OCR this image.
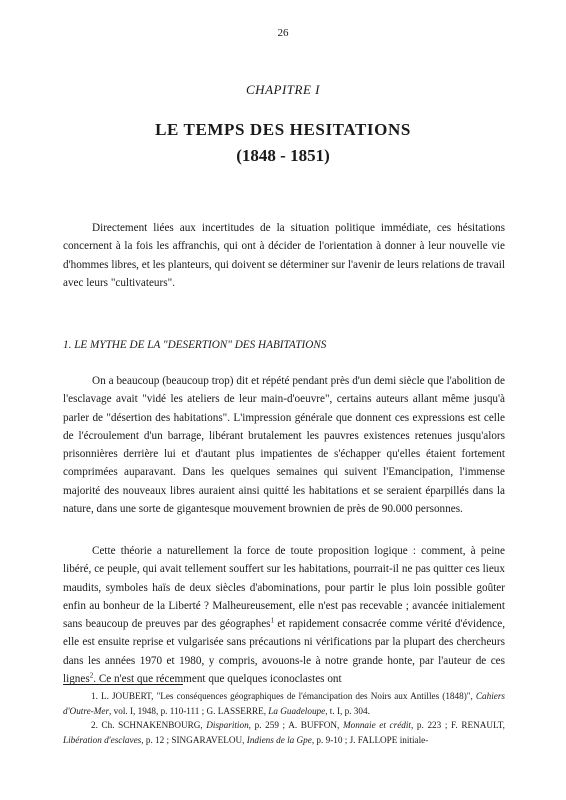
26
CHAPITRE I
LE TEMPS DES HESITATIONS
(1848 - 1851)

Directement liées aux incertitudes de la situation politique immédiate, ces hésitations concernent à la fois les affranchis, qui ont à décider de l'orientation à donner à leur nouvelle vie d'hommes libres, et les planteurs, qui doivent se déterminer sur l'avenir de leurs relations de travail avec leurs "cultivateurs".

1. LE MYTHE DE LA "DESERTION" DES HABITATIONS

On a beaucoup (beaucoup trop) dit et répété pendant près d'un demi siècle que l'abolition de l'esclavage avait "vidé les ateliers de leur main-d'oeuvre", certains auteurs allant même jusqu'à parler de "désertion des habitations". L'impression générale que donnent ces expressions est celle de l'écroulement d'un barrage, libérant brutalement les pauvres existences retenues jusqu'alors prisonnières derrière lui et d'autant plus impatientes de s'échapper qu'elles étaient fortement comprimées auparavant. Dans les quelques semaines qui suivent l'Emancipation, l'immense majorité des nouveaux libres auraient ainsi quitté les habitations et se seraient éparpillés dans la nature, dans une sorte de gigantesque mouvement brownien de près de 90.000 personnes.

Cette théorie a naturellement la force de toute proposition logique : comment, à peine libéré, ce peuple, qui avait tellement souffert sur les habitations, pourrait-il ne pas quitter ces lieux maudits, symboles haïs de deux siècles d'abominations, pour partir le plus loin possible goûter enfin au bonheur de la Liberté ? Malheureusement, elle n'est pas recevable ; avancée initialement sans beaucoup de preuves par des géographes$^1$ et rapidement consacrée comme vérité d'évidence, elle est ensuite reprise et vulgarisée sans précautions ni vérifications par la plupart des chercheurs dans les années 1970 et 1980, y compris, avouons-le à notre grande honte, par l'auteur de ces lignes$^2$. Ce n'est que récemment que quelques iconoclastes ont

1. L. JOUBERT, "Les conséquences géographiques de l'émancipation des Noirs aux Antilles (1848)", Cahiers d'Outre-Mer, vol. I, 1948, p. 110-111 ; G. LASSERRE, La Guadeloupe, t. I, p. 304.

2. Ch. SCHNAKENBOURG, Disparition, p. 259 ; A. BUFFON, Monnaie et crédit, p. 223 ; F. RENAULT, Libération d'esclaves, p. 12 ; SINGARAVELOU, Indiens de la Gpe, p. 9-10 ; J. FALLOPE initiale-
